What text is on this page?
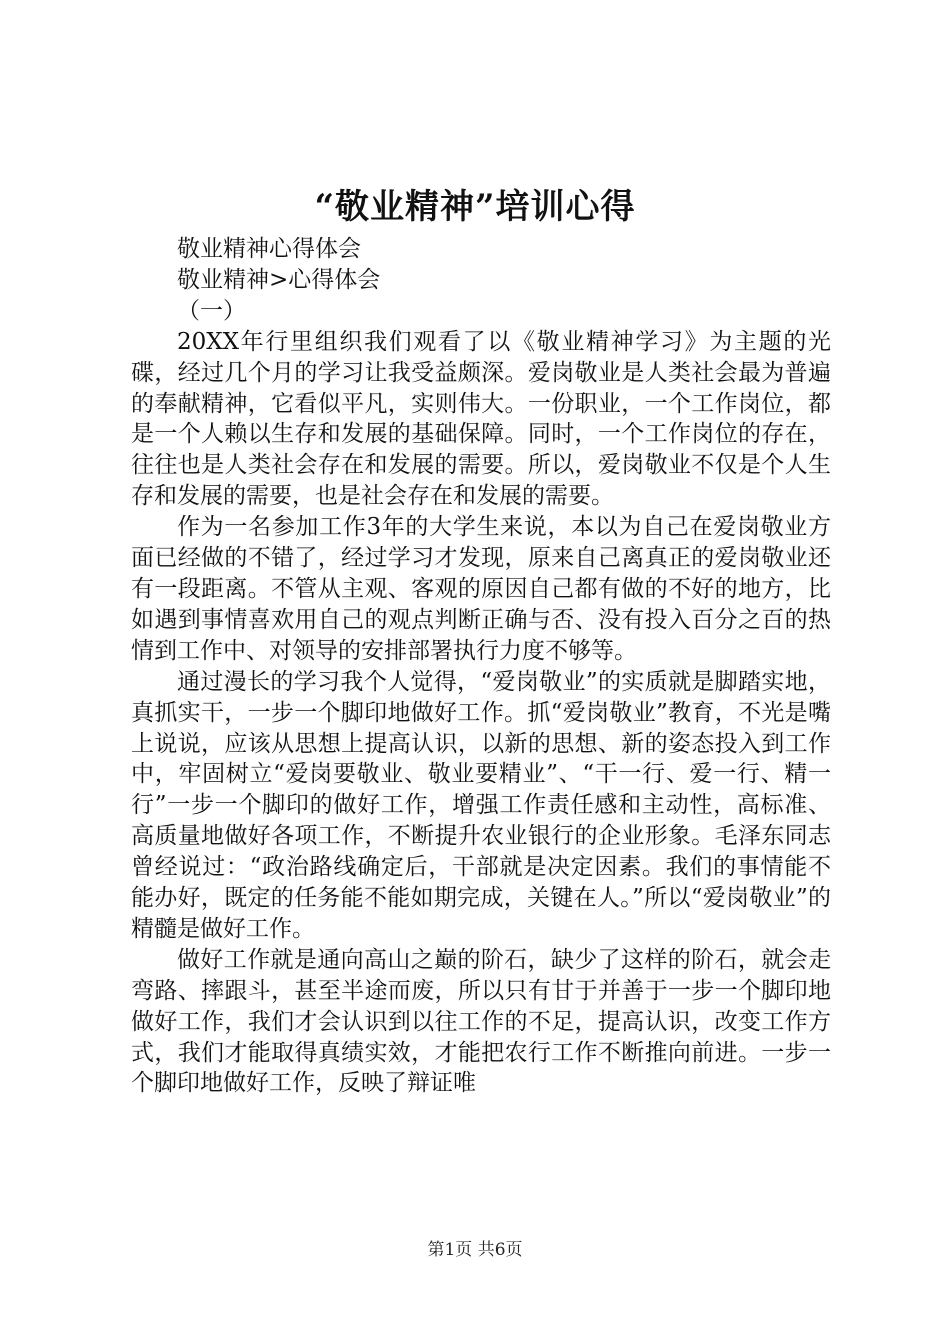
“敬业精神”培训心得

敬业精神心得体会

敬业精神>心得体会

（一）

20XX年行里组织我们观看了以《敬业精神学习》为主题的光碟，经过几个月的学习让我受益颇深。爱岗敬业是人类社会最为普遍的奉献精神，它看似平凡，实则伟大。一份职业，一个工作岗位，都是一个人赖以生存和发展的基础保障。同时，一个工作岗位的存在，往往也是人类社会存在和发展的需要。所以，爱岗敬业不仅是个人生存和发展的需要，也是社会存在和发展的需要。

作为一名参加工作3年的大学生来说，本以为自己在爱岗敬业方面已经做的不错了，经过学习才发现，原来自己离真正的爱岗敬业还有一段距离。不管从主观、客观的原因自己都有做的不好的地方，比如遇到事情喜欢用自己的观点判断正确与否、没有投入百分之百的热情到工作中、对领导的安排部署执行力度不够等。

通过漫长的学习我个人觉得，“爱岗敬业”的实质就是脚踏实地，真抓实干，一步一个脚印地做好工作。抓“爱岗敬业”教育，不光是嘴上说说，应该从思想上提高认识，以新的思想、新的姿态投入到工作中，牢固树立“爱岗要敬业、敬业要精业”、“干一行、爱一行、精一行”一步一个脚印的做好工作，增强工作责任感和主动性，高标准、高质量地做好各项工作，不断提升农业银行的企业形象。毛泽东同志曾经说过：“政治路线确定后，干部就是决定因素。我们的事情能不能办好，既定的任务能不能如期完成，关键在人。”所以“爱岗敬业”的精髓是做好工作。

做好工作就是通向高山之巅的阶石，缺少了这样的阶石，就会走弯路、摔跟斗，甚至半途而废，所以只有甘于并善于一步一个脚印地做好工作，我们才会认识到以往工作的不足，提高认识，改变工作方式，我们才能取得真绩实效，才能把农行工作不断推向前进。一步一个脚印地做好工作，反映了辩证唯

第1页 共6页
